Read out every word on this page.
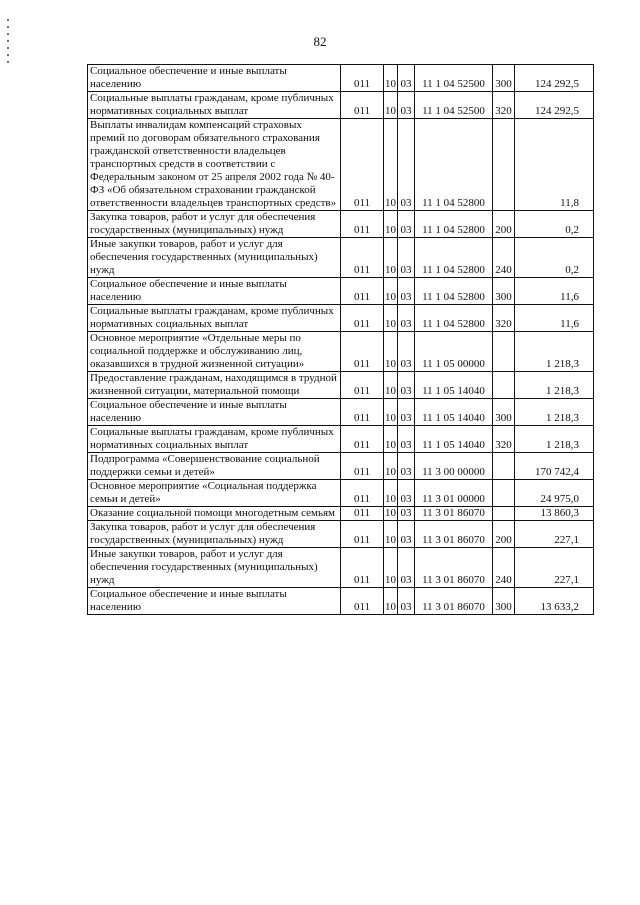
82
Социальное обеспечение и иные выплаты населению	011	10	03	11 1 04 52500	300	124 292,5
Социальные выплаты гражданам, кроме публичных нормативных социальных выплат	011	10	03	11 1 04 52500	320	124 292,5
Выплаты инвалидам компенсаций страховых премий по договорам обязательного страхования гражданской ответственности владельцев транспортных средств в соответствии с Федеральным законом от 25 апреля 2002 года № 40-ФЗ «Об обязательном страховании гражданской ответственности владельцев транспортных средств»	011	10	03	11 1 04 52800		11,8
Закупка товаров, работ и услуг для обеспечения государственных (муниципальных) нужд	011	10	03	11 1 04 52800	200	0,2
Иные закупки товаров, работ и услуг для обеспечения государственных (муниципальных) нужд	011	10	03	11 1 04 52800	240	0,2
Социальное обеспечение и иные выплаты населению	011	10	03	11 1 04 52800	300	11,6
Социальные выплаты гражданам, кроме публичных нормативных социальных выплат	011	10	03	11 1 04 52800	320	11,6
Основное мероприятие «Отдельные меры по социальной поддержке и обслуживанию лиц, оказавшихся в трудной жизненной ситуации»	011	10	03	11 1 05 00000		1 218,3
Предоставление гражданам, находящимся в трудной жизненной ситуации, материальной помощи	011	10	03	11 1 05 14040		1 218,3
Социальное обеспечение и иные выплаты населению	011	10	03	11 1 05 14040	300	1 218,3
Социальные выплаты гражданам, кроме публичных нормативных социальных выплат	011	10	03	11 1 05 14040	320	1 218,3
Подпрограмма «Совершенствование социальной поддержки семьи и детей»	011	10	03	11 3 00 00000		170 742,4
Основное мероприятие «Социальная поддержка семьи и детей»	011	10	03	11 3 01 00000		24 975,0
Оказание социальной помощи многодетным семьям	011	10	03	11 3 01 86070		13 860,3
Закупка товаров, работ и услуг для обеспечения государственных (муниципальных) нужд	011	10	03	11 3 01 86070	200	227,1
Иные закупки товаров, работ и услуг для обеспечения государственных (муниципальных) нужд	011	10	03	11 3 01 86070	240	227,1
Социальное обеспечение и иные выплаты населению	011	10	03	11 3 01 86070	300	13 633,2
